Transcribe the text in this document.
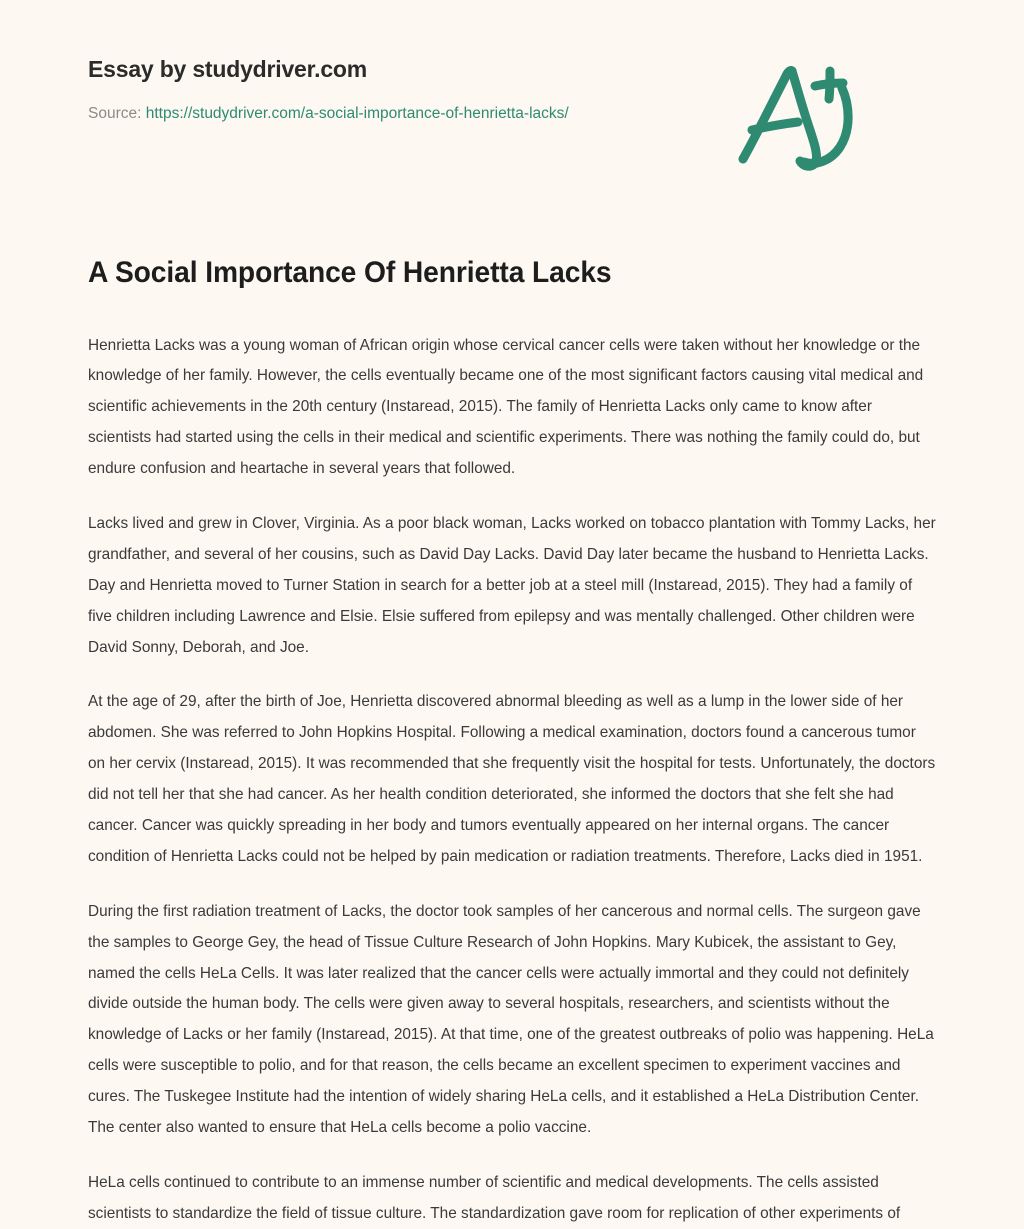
Essay by studydriver.com
Source: https://studydriver.com/a-social-importance-of-henrietta-lacks/
A Social Importance Of Henrietta Lacks

Henrietta Lacks was a young woman of African origin whose cervical cancer cells were taken without her knowledge or the knowledge of her family. However, the cells eventually became one of the most significant factors causing vital medical and scientific achievements in the 20th century (Instaread, 2015). The family of Henrietta Lacks only came to know after scientists had started using the cells in their medical and scientific experiments. There was nothing the family could do, but endure confusion and heartache in several years that followed.

Lacks lived and grew in Clover, Virginia. As a poor black woman, Lacks worked on tobacco plantation with Tommy Lacks, her grandfather, and several of her cousins, such as David Day Lacks. David Day later became the husband to Henrietta Lacks. Day and Henrietta moved to Turner Station in search for a better job at a steel mill (Instaread, 2015). They had a family of five children including Lawrence and Elsie. Elsie suffered from epilepsy and was mentally challenged. Other children were David Sonny, Deborah, and Joe.

At the age of 29, after the birth of Joe, Henrietta discovered abnormal bleeding as well as a lump in the lower side of her abdomen. She was referred to John Hopkins Hospital. Following a medical examination, doctors found a cancerous tumor on her cervix (Instaread, 2015). It was recommended that she frequently visit the hospital for tests. Unfortunately, the doctors did not tell her that she had cancer. As her health condition deteriorated, she informed the doctors that she felt she had cancer. Cancer was quickly spreading in her body and tumors eventually appeared on her internal organs. The cancer condition of Henrietta Lacks could not be helped by pain medication or radiation treatments. Therefore, Lacks died in 1951.

During the first radiation treatment of Lacks, the doctor took samples of her cancerous and normal cells. The surgeon gave the samples to George Gey, the head of Tissue Culture Research of John Hopkins. Mary Kubicek, the assistant to Gey, named the cells HeLa Cells. It was later realized that the cancer cells were actually immortal and they could not definitely divide outside the human body. The cells were given away to several hospitals, researchers, and scientists without the knowledge of Lacks or her family (Instaread, 2015). At that time, one of the greatest outbreaks of polio was happening. HeLa cells were susceptible to polio, and for that reason, the cells became an excellent specimen to experiment vaccines and cures. The Tuskegee Institute had the intention of widely sharing HeLa cells, and it established a HeLa Distribution Center. The center also wanted to ensure that HeLa cells become a polio vaccine.

HeLa cells continued to contribute to an immense number of scientific and medical developments. The cells assisted scientists to standardize the field of tissue culture. The standardization gave room for replication of other experiments of
